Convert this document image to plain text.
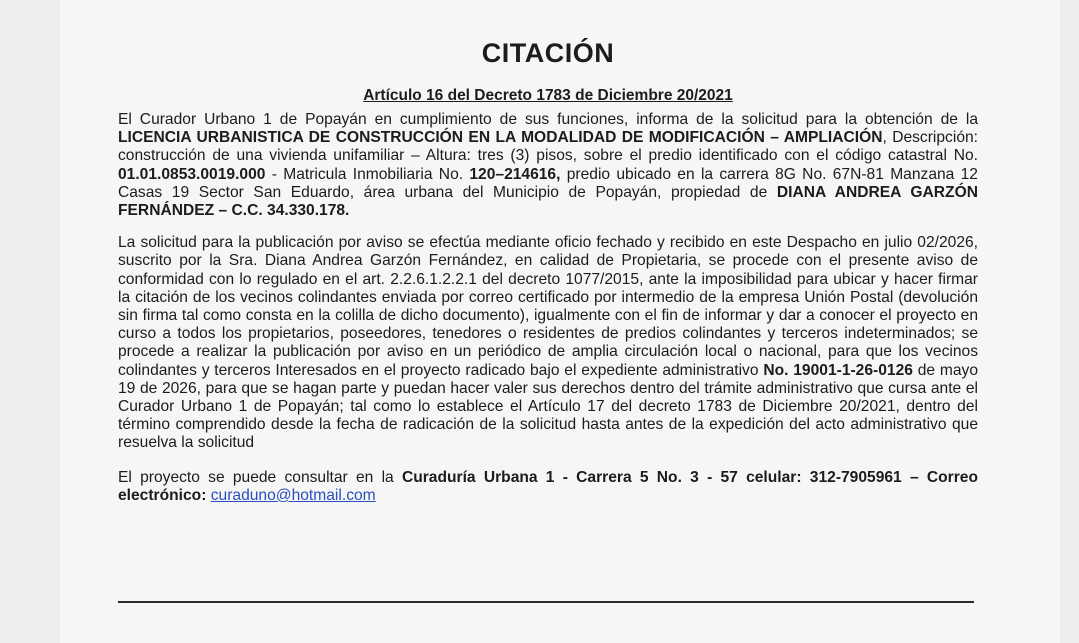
CITACIÓN
Artículo 16 del Decreto 1783 de Diciembre 20/2021

El Curador Urbano 1 de Popayán en cumplimiento de sus funciones, informa de la solicitud para la obtención de la LICENCIA URBANISTICA DE CONSTRUCCIÓN EN LA MODALIDAD DE MODIFICACIÓN – AMPLIACIÓN, Descripción: construcción de una vivienda unifamiliar – Altura: tres (3) pisos, sobre el predio identificado con el código catastral No. 01.01.0853.0019.000 - Matricula Inmobiliaria No. 120–214616, predio ubicado en la carrera 8G No. 67N-81 Manzana 12 Casas 19 Sector San Eduardo, área urbana del Municipio de Popayán, propiedad de DIANA ANDREA GARZÓN FERNÁNDEZ – C.C. 34.330.178.

La solicitud para la publicación por aviso se efectúa mediante oficio fechado y recibido en este Despacho en julio 02/2026, suscrito por la Sra. Diana Andrea Garzón Fernández, en calidad de Propietaria, se procede con el presente aviso de conformidad con lo regulado en el art. 2.2.6.1.2.2.1 del decreto 1077/2015, ante la imposibilidad para ubicar y hacer firmar la citación de los vecinos colindantes enviada por correo certificado por intermedio de la empresa Unión Postal (devolución sin firma tal como consta en la colilla de dicho documento), igualmente con el fin de informar y dar a conocer el proyecto en curso a todos los propietarios, poseedores, tenedores o residentes de predios colindantes y terceros indeterminados; se procede a realizar la publicación por aviso en un periódico de amplia circulación local o nacional, para que los vecinos colindantes y terceros Interesados en el proyecto radicado bajo el expediente administrativo No. 19001-1-26-0126 de mayo 19 de 2026, para que se hagan parte y puedan hacer valer sus derechos dentro del trámite administrativo que cursa ante el Curador Urbano 1 de Popayán; tal como lo establece el Artículo 17 del decreto 1783 de Diciembre 20/2021, dentro del término comprendido desde la fecha de radicación de la solicitud hasta antes de la expedición del acto administrativo que resuelva la solicitud

El proyecto se puede consultar en la Curaduría Urbana 1 - Carrera 5 No. 3 - 57 celular: 312-7905961 – Correo electrónico: curaduno@hotmail.com
